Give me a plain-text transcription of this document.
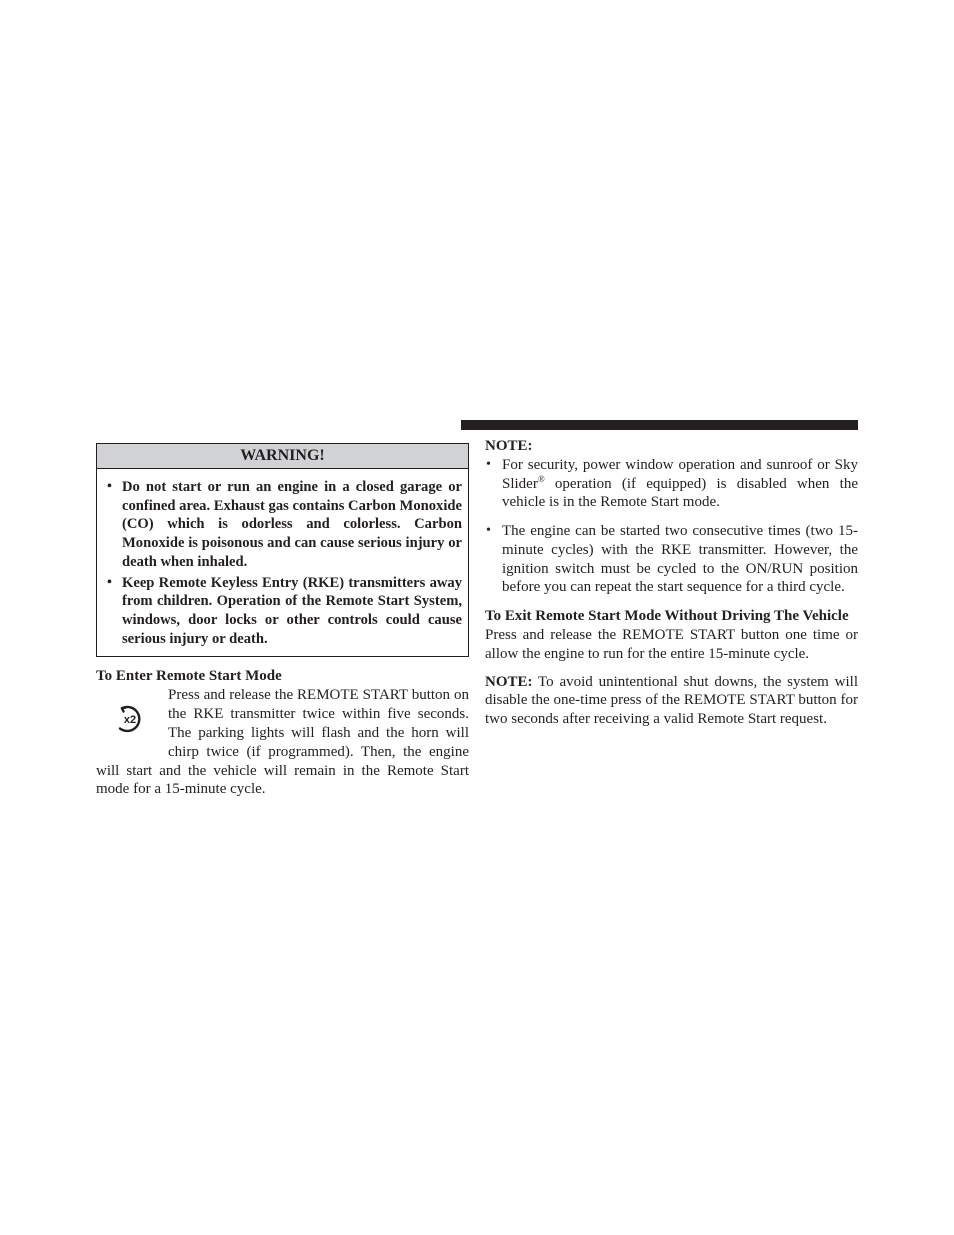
WARNING!
• Do not start or run an engine in a closed garage or confined area. Exhaust gas contains Carbon Monoxide (CO) which is odorless and colorless. Carbon Monoxide is poisonous and can cause serious injury or death when inhaled.
• Keep Remote Keyless Entry (RKE) transmitters away from children. Operation of the Remote Start System, windows, door locks or other controls could cause serious injury or death.

To Enter Remote Start Mode

x2

Press and release the REMOTE START button on the RKE transmitter twice within five seconds. The parking lights will flash and the horn will chirp twice (if programmed). Then, the engine will start and the vehicle will remain in the Remote Start mode for a 15-minute cycle.

NOTE:

• For security, power window operation and sunroof or Sky Slider® operation (if equipped) is disabled when the vehicle is in the Remote Start mode.
• The engine can be started two consecutive times (two 15-minute cycles) with the RKE transmitter. However, the ignition switch must be cycled to the ON/RUN position before you can repeat the start sequence for a third cycle.

To Exit Remote Start Mode Without Driving The Vehicle

Press and release the REMOTE START button one time or allow the engine to run for the entire 15-minute cycle.

NOTE: To avoid unintentional shut downs, the system will disable the one-time press of the REMOTE START button for two seconds after receiving a valid Remote Start request.
